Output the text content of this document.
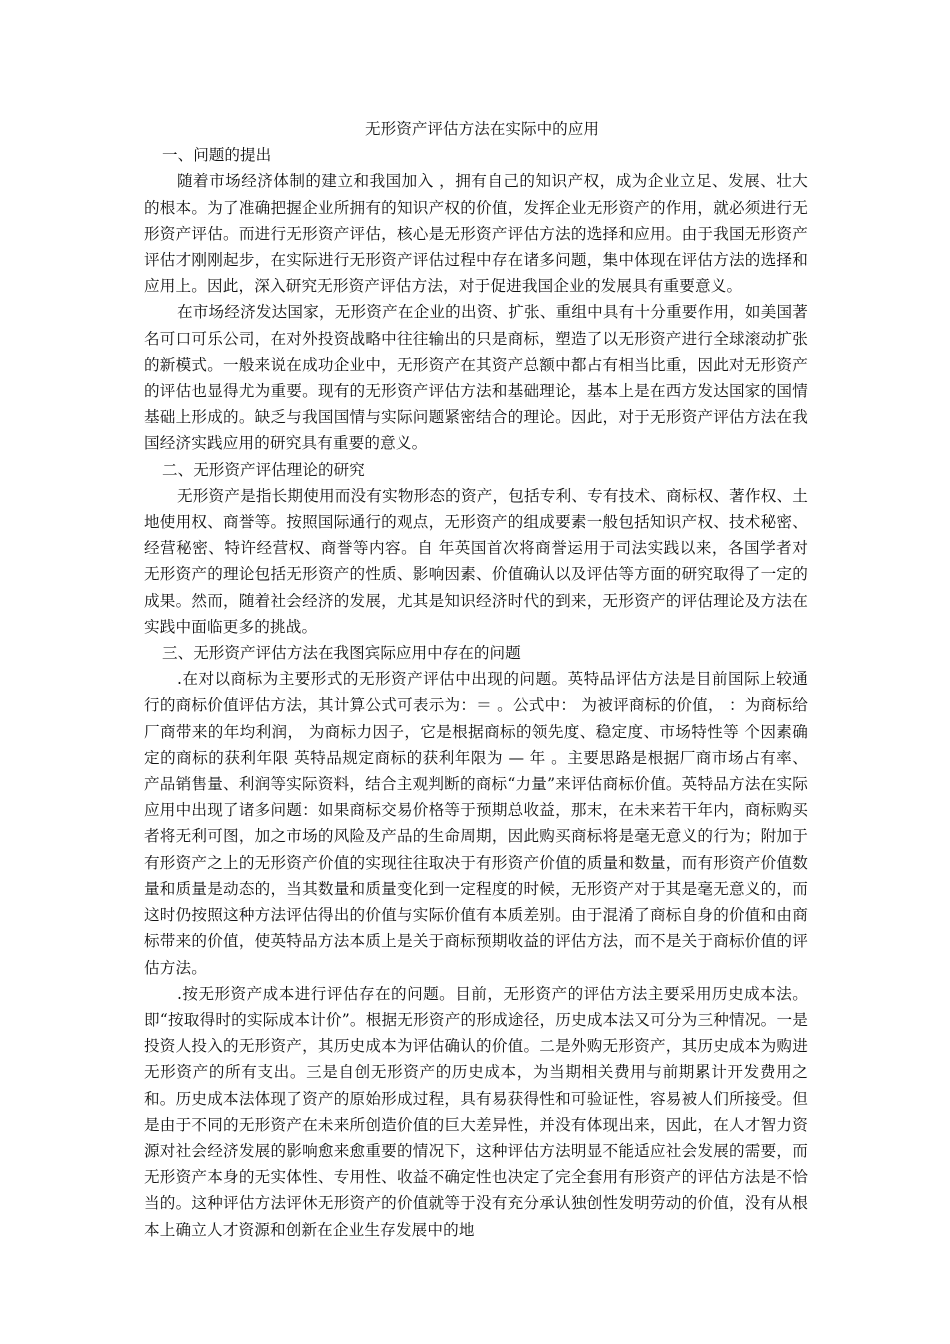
无形资产评估方法在实际中的应用

一、问题的提出

随着市场经济体制的建立和我国加入 ，拥有自己的知识产权，成为企业立足、发展、壮大的根本。为了准确把握企业所拥有的知识产权的价值，发挥企业无形资产的作用，就必须进行无形资产评估。而进行无形资产评估，核心是无形资产评估方法的选择和应用。由于我国无形资产评估才刚刚起步，在实际进行无形资产评估过程中存在诸多问题，集中体现在评估方法的选择和应用上。因此，深入研究无形资产评估方法，对于促进我国企业的发展具有重要意义。

在市场经济发达国家，无形资产在企业的出资、扩张、重组中具有十分重要作用，如美国著名可口可乐公司，在对外投资战略中往往输出的只是商标，塑造了以无形资产进行全球滚动扩张的新模式。一般来说在成功企业中，无形资产在其资产总额中都占有相当比重，因此对无形资产的评估也显得尤为重要。现有的无形资产评估方法和基础理论，基本上是在西方发达国家的国情基础上形成的。缺乏与我国国情与实际问题紧密结合的理论。因此，对于无形资产评估方法在我国经济实践应用的研究具有重要的意义。

二、无形资产评估理论的研究

无形资产是指长期使用而没有实物形态的资产，包括专利、专有技术、商标权、著作权、土地使用权、商誉等。按照国际通行的观点，无形资产的组成要素一般包括知识产权、技术秘密、经营秘密、特许经营权、商誉等内容。自 年英国首次将商誉运用于司法实践以来，各国学者对无形资产的理论包括无形资产的性质、影响因素、价值确认以及评估等方面的研究取得了一定的成果。然而，随着社会经济的发展，尤其是知识经济时代的到来，无形资产的评估理论及方法在实践中面临更多的挑战。

三、无形资产评估方法在我图宾际应用中存在的问题

.在对以商标为主要形式的无形资产评估中出现的问题。英特品评估方法是目前国际上较通行的商标价值评估方法，其计算公式可表示为：＝ 。公式中： 为被评商标的价值， ：为商标给厂商带来的年均利润， 为商标力因子，它是根据商标的领先度、稳定度、市场特性等 个因素确定的商标的获利年限 英特品规定商标的获利年限为 — 年 。主要思路是根据厂商市场占有率、产品销售量、利润等实际资料，结合主观判断的商标“力量”来评估商标价值。英特品方法在实际应用中出现了诸多问题：如果商标交易价格等于预期总收益，那末，在未来若干年内，商标购买者将无利可图，加之市场的风险及产品的生命周期，因此购买商标将是毫无意义的行为；附加于有形资产之上的无形资产价值的实现往往取决于有形资产价值的质量和数量，而有形资产价值数量和质量是动态的，当其数量和质量变化到一定程度的时候，无形资产对于其是毫无意义的，而这时仍按照这种方法评估得出的价值与实际价值有本质差别。由于混淆了商标自身的价值和由商标带来的价值，使英特品方法本质上是关于商标预期收益的评估方法，而不是关于商标价值的评估方法。

.按无形资产成本进行评估存在的问题。目前，无形资产的评估方法主要采用历史成本法。即“按取得时的实际成本计价”。根据无形资产的形成途径，历史成本法又可分为三种情况。一是投资人投入的无形资产，其历史成本为评估确认的价值。二是外购无形资产，其历史成本为购进无形资产的所有支出。三是自创无形资产的历史成本，为当期相关费用与前期累计开发费用之和。历史成本法体现了资产的原始形成过程，具有易获得性和可验证性，容易被人们所接受。但是由于不同的无形资产在未来所创造价值的巨大差异性，并没有体现出来，因此，在人才智力资源对社会经济发展的影响愈来愈重要的情况下，这种评估方法明显不能适应社会发展的需要，而无形资产本身的无实体性、专用性、收益不确定性也决定了完全套用有形资产的评估方法是不恰当的。这种评估方法评休无形资产的价值就等于没有充分承认独创性发明劳动的价值，没有从根本上确立人才资源和创新在企业生存发展中的地
